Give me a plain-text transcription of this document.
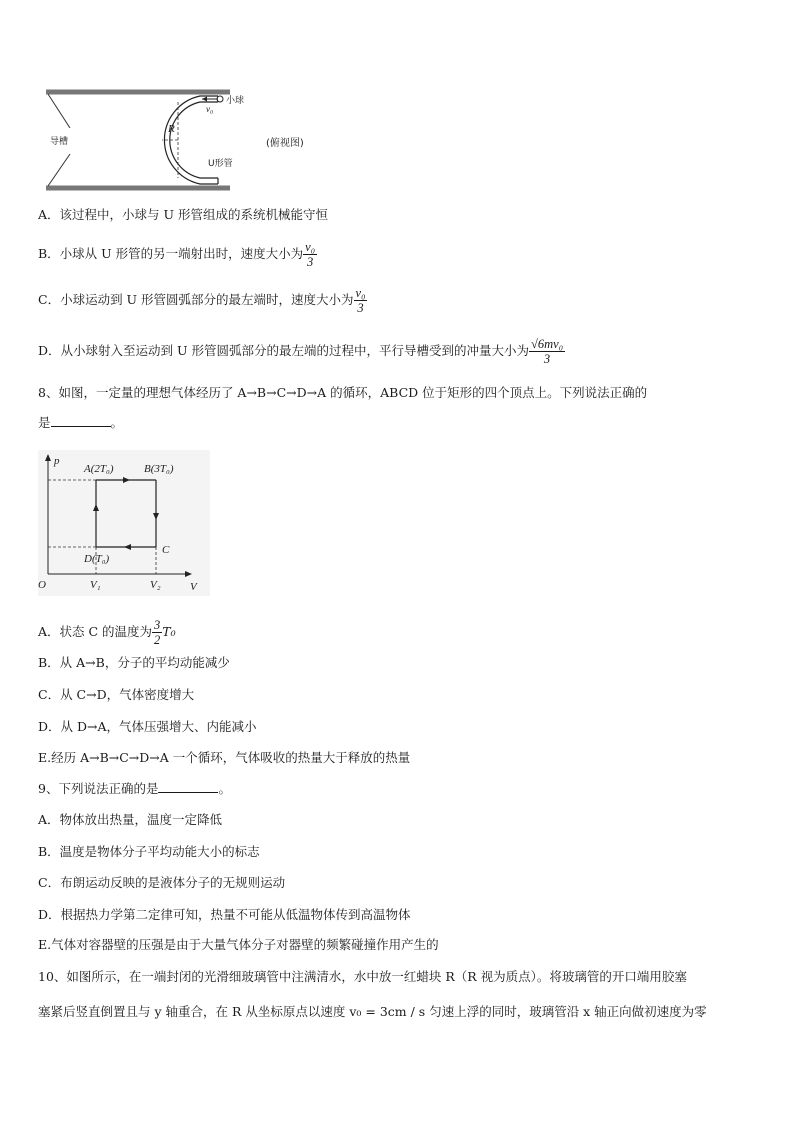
导槽
R
v₀
小球
U形管
(俯视图)
A．该过程中，小球与 U 形管组成的系统机械能守恒
B．小球从 U 形管的另一端射出时，速度大小为 $\frac{\text{v₀}}{3}$
C．小球运动到 U 形管圆弧部分的最左端时，速度大小为 $\frac{\text{v₀}}{3}$
D．从小球射入至运动到 U 形管圆弧部分的最左端的过程中，平行导槽受到的冲量大小为 $\frac{\text{√6mv₀}}{3}$
8、如图，一定量的理想气体经历了 A→B→C→D→A 的循环，ABCD 位于矩形的四个顶点上。下列说法正确的
是	。
p
V
O
A(2T₀)	B(3T₀)
C
D(T₀)
V₁	V₂
A．状态 C 的温度为 $\frac{3}{2} T_0$
B．从 A→B，分子的平均动能减少
C．从 C→D，气体密度增大
D．从 D→A，气体压强增大、内能减小
E.经历 A→B→C→D→A 一个循环，气体吸收的热量大于释放的热量
9、下列说法正确的是	。
A．物体放出热量，温度一定降低
B．温度是物体分子平均动能大小的标志
C．布朗运动反映的是液体分子的无规则运动
D．根据热力学第二定律可知，热量不可能从低温物体传到高温物体
E.气体对容器壁的压强是由于大量气体分子对器壁的频繁碰撞作用产生的
10、如图所示，在一端封闭的光滑细玻璃管中注满清水，水中放一红蜡块 R（R 视为质点）。将玻璃管的开口端用胶塞
塞紧后竖直倒置且与 y 轴重合，在 R 从坐标原点以速度 v₀ = 3cm / s 匀速上浮的同时，玻璃管沿 x 轴正向做初速度为零
